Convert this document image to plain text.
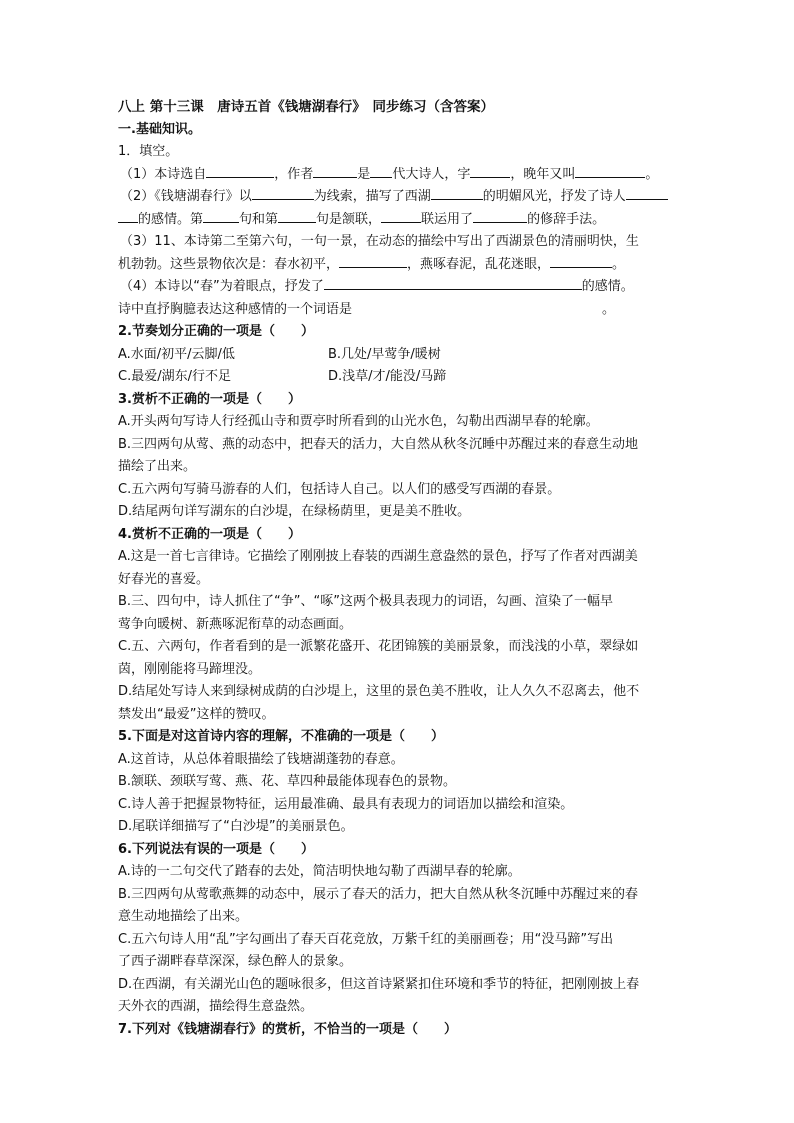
八上 第十三课　唐诗五首《钱塘湖春行》　同步练习（含答案）
一.基础知识。
1．填空。
（1）本诗选自	，作者	是 代大诗人，字	，晚年又叫	。
（2）《钱塘湖春行》以	为线索，描写了西湖	的明媚风光，抒发了诗人
的感情。第	句和第	句是颔联，	联运用了	的修辞手法。
（3）11、本诗第二至第六句，一句一景，在动态的描绘中写出了西湖景色的清丽明快，生
机勃勃。这些景物依次是：春水初平，	，燕啄春泥，乱花迷眼，	。
（4）本诗以“春”为着眼点，抒发了	的感情。
诗中直抒胸臆表达这种感情的一个词语是	。
2.节奏划分正确的一项是（　　）
A.水面/初平/云脚/低	B.几处/早莺争/暖树
C.最爱/湖东/行不足	D.浅草/才/能没/马蹄
3.赏析不正确的一项是（　　）
A.开头两句写诗人行经孤山寺和贾亭时所看到的山光水色，勾勒出西湖早春的轮廓。
B.三四两句从莺、燕的动态中，把春天的活力，大自然从秋冬沉睡中苏醒过来的春意生动地
描绘了出来。
C.五六两句写骑马游春的人们，包括诗人自己。以人们的感受写西湖的春景。
D.结尾两句详写湖东的白沙堤，在绿杨荫里，更是美不胜收。
4.赏析不正确的一项是（　　）
A.这是一首七言律诗。它描绘了刚刚披上春装的西湖生意盎然的景色，抒写了作者对西湖美
好春光的喜爱。
B.三、四句中，诗人抓住了“争”、“啄”这两个极具表现力的词语，勾画、渲染了一幅早
莺争向暖树、新燕啄泥衔草的动态画面。
C.五、六两句，作者看到的是一派繁花盛开、花团锦簇的美丽景象，而浅浅的小草，翠绿如
茵，刚刚能将马蹄埋没。
D.结尾处写诗人来到绿树成荫的白沙堤上，这里的景色美不胜收，让人久久不忍离去，他不
禁发出“最爱”这样的赞叹。
5.下面是对这首诗内容的理解，不准确的一项是（　　）
A.这首诗，从总体着眼描绘了钱塘湖蓬勃的春意。
B.颔联、颈联写莺、燕、花、草四种最能体现春色的景物。
C.诗人善于把握景物特征，运用最准确、最具有表现力的词语加以描绘和渲染。
D.尾联详细描写了“白沙堤”的美丽景色。
6.下列说法有误的一项是（　　）
A.诗的一二句交代了踏春的去处，简洁明快地勾勒了西湖早春的轮廓。
B.三四两句从莺歌燕舞的动态中，展示了春天的活力，把大自然从秋冬沉睡中苏醒过来的春
意生动地描绘了出来。
C.五六句诗人用“乱”字勾画出了春天百花竞放，万紫千红的美丽画卷；用“没马蹄”写出
了西子湖畔春草深深，绿色醉人的景象。
D.在西湖，有关湖光山色的题咏很多，但这首诗紧紧扣住环境和季节的特征，把刚刚披上春
天外衣的西湖，描绘得生意盎然。
7.下列对《钱塘湖春行》的赏析，不恰当的一项是（　　）
